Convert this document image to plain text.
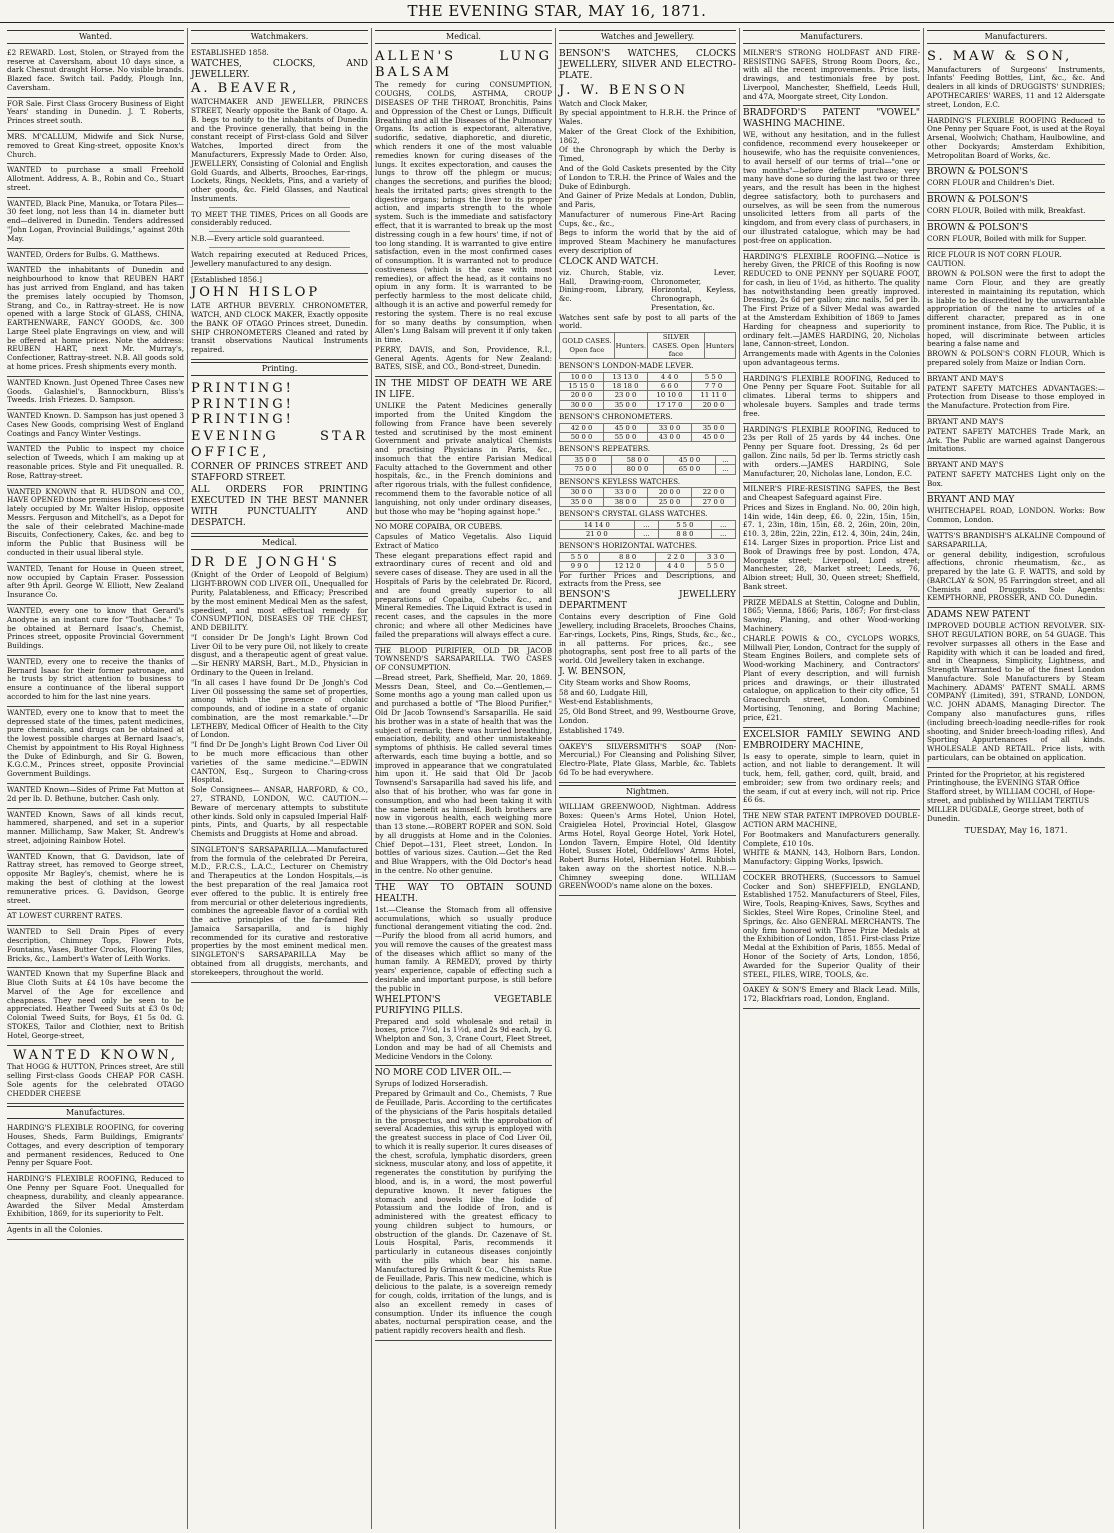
THE EVENING STAR, MAY 16, 1871.
Wanted.

£2 REWARD. Lost, Stolen, or Strayed from the reserve at Caversham, about 10 days since, a dark Chesnut draught Horse. No visible brands. Blazed face. Switch tail. Paddy, Plough Inn, Caversham.

FOR Sale. First Class Grocery Business of Eight Years' standing in Dunedin. J. T. Roberts, Princes street south.

MRS. M'CALLUM, Midwife and Sick Nurse, removed to Great King-street, opposite Knox's Church.

WANTED to purchase a small Freehold Allotment. Address, A. B., Robin and Co., Stuart street.

WANTED, Black Pine, Manuka, or Totara Piles—30 feet long, not less than 14 in. diameter butt end—delivered in Dunedin. Tenders addressed "John Logan, Provincial Buildings," against 20th May.

WANTED, Orders for Bulbs. G. Matthews.

WANTED the inhabitants of Dunedin and neighbourhood to know that REUBEN HART has just arrived from England, and has taken the premises lately occupied by Thomson, Strang, and Co., in Rattray-street. He is now opened with a large Stock of GLASS, CHINA, EARTHENWARE, FANCY GOODS, &c. 300 Large Steel plate Engravings on view, and will be offered at home prices. Note the address: REUBEN HART, next Mr. Murray's, Confectioner, Rattray-street. N.B. All goods sold at home prices. Fresh shipments every month.

WANTED Known. Just Opened Three Cases new Goods. Galashiel's, Bannockburn, Bliss's Tweeds. Irish Friezes. D. Sampson.

WANTED Known. D. Sampson has just opened 3 Cases New Goods, comprising West of England Coatings and Fancy Winter Vestings.

WANTED the Public to inspect my choice selection of Tweeds, which I am making up at reasonable prices. Style and Fit unequalled. R. Rose, Rattray-street.

WANTED KNOWN that R. HUDSON and CO., HAVE OPENED those premises in Princes-street lately occupied by Mr. Walter Hislop, opposite Messrs. Ferguson and Mitchell's, as a Depot for the sale of their celebrated Machine-made Biscuits, Confectionery, Cakes, &c. and beg to inform the Public that Business will be conducted in their usual liberal style.

WANTED, Tenant for House in Queen street, now occupied by Captain Fraser. Possession after 9th April. George W. Elliott, New Zealand Insurance Co.

WANTED, every one to know that Gerard's Anodyne is an instant cure for "Toothache." To be obtained at Bernard Isaac's, Chemist, Princes street, opposite Provincial Government Buildings.

WANTED, every one to receive the thanks of Bernard Isaac for their former patronage, and he trusts by strict attention to business to ensure a continuance of the liberal support accorded to him for the last nine years.

WANTED, every one to know that to meet the depressed state of the times, patent medicines, pure chemicals, and drugs can be obtained at the lowest possible charges at Bernard Isaac's, Chemist by appointment to His Royal Highness the Duke of Edinburgh, and Sir G. Bowen, K.G.C.M., Princes street, opposite Provincial Government Buildings.

WANTED Known—Sides of Prime Fat Mutton at 2d per lb. D. Bethune, butcher. Cash only.

WANTED Known, Saws of all kinds recut, hammered, sharpened, and set in a superior manner. Millichamp, Saw Maker, St. Andrew's street, adjoining Rainbow Hotel.

WANTED Known, that G. Davidson, late of Rattray street, has removed to George street, opposite Mr Bagley's, chemist, where he is making the best of clothing at the lowest remunerative prices. G. Davidson, George street.

AT LOWEST CURRENT RATES.

WANTED to Sell Drain Pipes of every description, Chimney Tops, Flower Pots, Fountains, Vases, Butter Crocks, Flooring Tiles, Bricks, &c., Lambert's Water of Leith Works.

WANTED Known that my Superfine Black and Blue Cloth Suits at £4 10s have become the Marvel of the Age for excellence and cheapness. They need only be seen to be appreciated. Heather Tweed Suits at £3 0s 0d; Colonial Tweed Suits, for Boys, £1 5s 0d. G. STOKES, Tailor and Clothier, next to British Hotel, George-street,

WANTED KNOWN,

That HOGG & HUTTON, Princes street, Are still selling First-class Goods CHEAP FOR CASH. Sole agents for the celebrated OTAGO CHEDDER CHEESE

Manufactures.

HARDING'S FLEXIBLE ROOFING, for covering Houses, Sheds, Farm Buildings, Emigrants' Cottages, and every description of temporary and permanent residences, Reduced to One Penny per Square Foot.

HARDING'S FLEXIBLE ROOFING, Reduced to One Penny per Square Foot. Unequalled for cheapness, durability, and cleanly appearance. Awarded the Silver Medal Amsterdam Exhibition, 1869, for its superiority to Felt.

Agents in all the Colonies.

Watchmakers.

ESTABLISHED 1858.

WATCHES, CLOCKS, AND JEWELLERY.

A. BEAVER,

WATCHMAKER AND JEWELLER, PRINCES STREET, Nearly opposite the Bank of Otago. A. B. begs to notify to the inhabitants of Dunedin and the Province generally, that being in the constant receipt of First-class Gold and Silver Watches, Imported direct from the Manufacturers, Expressly Made to Order. Also, JEWELLERY, Consisting of Colonial and English Gold Guards, and Alberts, Brooches, Ear-rings, Lockets, Rings, Necklets, Pins, and a variety of other goods, &c. Field Glasses, and Nautical Instruments.

TO MEET THE TIMES, Prices on all Goods are considerably reduced.

N.B.—Every article sold guaranteed.

Watch repairing executed at Reduced Prices, Jewellery manufactured to any design.

[Established 1856.]

JOHN HISLOP

LATE ARTHUR BEVERLY. CHRONOMETER, WATCH, AND CLOCK MAKER, Exactly opposite the BANK OF OTAGO Princes street, Dunedin. SHIP CHRONOMETERS Cleaned and rated by transit observations Nautical Instruments repaired.

Printing.

PRINTING! PRINTING! PRINTING!

EVENING STAR OFFICE,

CORNER OF PRINCES STREET AND STAFFORD STREET.

ALL ORDERS FOR PRINTING EXECUTED IN THE BEST MANNER WITH PUNCTUALITY AND DESPATCH.

Medical.

DR DE JONGH'S

(Knight of the Order of Leopold of Belgium) LIGHT-BROWN COD LIVER OIL, Unequalled for Purity, Palatableness, and Efficacy; Prescribed by the most eminent Medical Men as the safest, speediest, and most effectual remedy for CONSUMPTION, DISEASES OF THE CHEST, AND DEBILITY.

"I consider Dr De Jongh's Light Brown Cod Liver Oil to be very pure Oil, not likely to create disgust, and a therapeutic agent of great value.—Sir HENRY MARSH, Bart., M.D., Physician in Ordinary to the Queen in Ireland.

"In all cases I have found Dr De Jongh's Cod Liver Oil possessing the same set of properties, among which the presence of cholaic compounds, and of iodine in a state of organic combination, are the most remarkable."—Dr LETHEBY, Medical Officer of Health to the City of London.

"I find Dr De Jongh's Light Brown Cod Liver Oil to be much more efficacious than other varieties of the same medicine."—EDWIN CANTON, Esq., Surgeon to Charing-cross Hospital.

Sole Consignees— ANSAR, HARFORD, & CO., 27, STRAND, LONDON, W.C. CAUTION.—Beware of mercenary attempts to substitute other kinds. Sold only in capsuled Imperial Half-pints, Pints, and Quarts, by all respectable Chemists and Druggists at Home and abroad.

SINGLETON'S SARSAPARILLA.—Manufactured from the formula of the celebrated Dr Pereira, M.D., F.R.C.S., L.A.C., Lecturer on Chemistry and Therapeutics at the London Hospitals,—is the best preparation of the real Jamaica root ever offered to the public. It is entirely free from mercurial or other deleterious ingredients, combines the agreeable flavor of a cordial with the active principles of the far-famed Red Jamaica Sarsaparilla, and is highly recommended for its curative and restorative properties by the most eminent medical men. SINGLETON'S SARSAPARILLA May be obtained from all druggists, merchants, and storekeepers, throughout the world.

Medical.

ALLEN'S LUNG BALSAM

The remedy for curing CONSUMPTION, COUGHS, COLDS, ASTHMA, CROUP DISEASES OF THE THROAT, Bronchitis, Pains and Oppression of the Chest or Lungs, Difficult Breathing and all the Diseases of the Pulmonary Organs. Its action is expectorant, alterative, sudorific, sedative, diaphoretic, and diuretic, which renders it one of the most valuable remedies known for curing diseases of the lungs. It excites expectoration, and causes the lungs to throw off the phlegm or mucus; changes the secretions, and purifies the blood; heals the irritated parts; gives strength to the digestive organs; brings the liver to its proper action, and imparts strength to the whole system. Such is the immediate and satisfactory effect, that it is warranted to break up the most distressing cough in a few hours' time, if not of too long standing. It is warranted to give entire satisfaction, even in the most confirmed cases of consumption. It is warranted not to produce costiveness (which is the case with most remedies), or affect the head, as it contains no opium in any form. It is warranted to be perfectly harmless to the most delicate child, although it is an active and powerful remedy for restoring the system. There is no real excuse for so many deaths by consumption, when Allen's Lung Balsam will prevent it if only taken in time.

PERRY, DAVIS, and Son, Providence, R.I., General Agents. Agents for New Zealand: BATES, SISE, and CO., Bond-street, Dunedin.

IN THE MIDST OF DEATH WE ARE IN LIFE.

UNLIKE the Patent Medicines generally imported from the United Kingdom the following from France have been severely tested and scrutinised by the most eminent Government and private analytical Chemists and practising Physicians in Paris, &c., insomuch that the entire Parisian Medical Faculty attached to the Government and other hospitals, &c., in the French dominions and after rigorous trials, with the fullest confidence, recommend them to the favorable notice of all languishing, not only under ordinary diseases, but those who may be "hoping against hope."

NO MORE COPAIBA, OR CUBEBS.

Capsules of Matico Vegetalis. Also Liquid Extract of Matico

These elegant preparations effect rapid and extraordinary cures of recent and old and severe cases of disease. They are used in all the Hospitals of Paris by the celebrated Dr. Ricord, and are found greatly superior to all preparations of Copaiba, Cubebs &c., and Mineral Remedies. The Liquid Extract is used in recent cases, and the capsules in the more chronic; and where all other Medicines have failed the preparations will always effect a cure.

THE BLOOD PURIFIER, OLD DR JACOB TOWNSEND'S SARSAPARILLA. TWO CASES OF CONSUMPTION.

—Bread street, Park, Sheffield, Mar. 20, 1869. Messrs Dean, Steel, and Co.—Gentlemen,—Some months ago a young man called upon us and purchased a bottle of "The Blood Purifier," Old Dr Jacob Townsend's Sarsaparilla. He said his brother was in a state of health that was the subject of remark; there was hurried breathing, emaciation, debility, and other unmistakeable symptoms of phthisis. He called several times afterwards, each time buying a bottle, and so improved in appearance that we congratulated him upon it. He said that Old Dr Jacob Townsend's Sarsaparilla had saved his life, and also that of his brother, who was far gone in consumption, and who had been taking it with the same benefit as himself. Both brothers are now in vigorous health, each weighing more than 13 stone.—ROBERT ROPER and SON. Sold by all druggists at Home and in the Colonies. Chief Depot—131, Fleet street, London. In bottles of various sizes. Caution.—Get the Red and Blue Wrappers, with the Old Doctor's head in the centre. No other genuine.

THE WAY TO OBTAIN SOUND HEALTH.

1st.—Cleanse the Stomach from all offensive accumulations, which so usually produce functional derangement vitiating the cod. 2nd.—Purify the blood from all acrid humors, and you will remove the causes of the greatest mass of the diseases which afflict so many of the human family. A REMEDY, proved by thirty years' experience, capable of effecting such a desirable and important purpose, is still before the public in

WHELPTON'S VEGETABLE PURIFYING PILLS.

Prepared and sold wholesale and retail in boxes, price 7½d, 1s 1½d, and 2s 9d each, by G. Whelpton and Son, 3, Crane Court, Fleet Street, London and may be had of all Chemists and Medicine Vendors in the Colony.

NO MORE COD LIVER OIL.—

Syrups of Iodized Horseradish.

Prepared by Grimault and Co., Chemists, 7 Rue de Feuillade, Paris. According to the certificates of the physicians of the Paris hospitals detailed in the prospectus, and with the approbation of several Academies, this syrup is employed with the greatest success in place of Cod Liver Oil, to which it is really superior. It cures diseases of the chest, scrofula, lymphatic disorders, green sickness, muscular atony, and loss of appetite, it regenerates the constitution by purifying the blood, and is, in a word, the most powerful depurative known. It never fatigues the stomach and bowels like the Iodide of Potassium and the Iodide of Iron, and is administered with the greatest efficacy to young children subject to humours, or obstruction of the glands. Dr. Cazenave of St. Louis Hospital, Paris, recommends it particularly in cutaneous diseases conjointly with the pills which bear his name. Manufactured by Grimault & Co., Chemists Rue de Feuillade, Paris. This new medicine, which is delicious to the palate, is a sovereign remedy for cough, colds, irritation of the lungs, and is also an excellent remedy in cases of consumption. Under its influence the cough abates, nocturnal perspiration cease, and the patient rapidly recovers health and flesh.

Watches and Jewellery.

BENSON'S WATCHES, CLOCKS JEWELLERY, SILVER AND ELECTRO-PLATE.

J. W. BENSON

Watch and Clock Maker,

By special appointment to H.R.H. the Prince of Wales.

Maker of the Great Clock of the Exhibition, 1862,

Of the Chronograph by which the Derby is Timed,

And of the Gold Caskets presented by the City of London to T.R.H. the Prince of Wales and the Duke of Edinburgh.

And Gainer of Prize Medals at London, Dublin, and Paris,

Manufacturer of numerous Fine-Art Racing Cups, &c., &c.,

Begs to inform the world that by the aid of improved Steam Machinery he manufactures every description of

CLOCK AND WATCH.

viz. Church, Stable, Hall, Drawing-room, Dining-room, Library, &c.

viz. Lever, Chronometer, Horizontal, Keyless, Chronograph, Presentation, &c.

Watches sent safe by post to all parts of the world.

GOLD CASES. Open face	Hunters.	SILVER CASES. Open face	Hunters

BENSON'S LONDON-MADE LEVER.

10 0 0	13 13 0	4 4 0	5 5 0
15 15 0	18 18 0	6 6 0	7 7 0
20 0 0	23 0 0	10 10 0	11 11 0
30 0 0	35 0 0	17 17 0	20 0 0

BENSON'S CHRONOMETERS.

42 0 0	45 0 0	33 0 0	35 0 0
50 0 0	55 0 0	43 0 0	45 0 0

BENSON'S REPEATERS.

35 0 0	58 0 0	45 0 0	...
75 0 0	80 0 0	65 0 0	...

BENSON'S KEYLESS WATCHES.

30 0 0	33 0 0	20 0 0	22 0 0
35 0 0	38 0 0	25 0 0	27 0 0

BENSON'S CRYSTAL GLASS WATCHES.

14 14 0	...	5 5 0	...
21 0 0	...	8 8 0	...

BENSON'S HORIZONTAL WATCHES.

5 5 0	8 8 0	2 2 0	3 3 0
9 9 0	12 12 0	4 4 0	5 5 0

For further Prices and Descriptions, and extracts from the Press, see

BENSON'S JEWELLERY DEPARTMENT

Contains every description of Fine Gold Jewellery, including Bracelets, Brooches Chains, Ear-rings, Lockets, Pins, Rings, Studs, &c., &c., in all patterns. For prices, &c., see photographs, sent post free to all parts of the world. Old Jewellery taken in exchange.

J. W. BENSON,

City Steam works and Show Rooms,

58 and 60, Ludgate Hill,

West-end Establishments,

25, Old Bond Street, and 99, Westbourne Grove, London.

Established 1749.

OAKEY'S SILVERSMITH'S SOAP (Non-Mercurial,) For Cleansing and Polishing Silver, Electro-Plate, Plate Glass, Marble, &c. Tablets 6d To be had everywhere.

Nightmen.

WILLIAM GREENWOOD, Nightman. Address Boxes: Queen's Arms Hotel, Union Hotel, Craigielea Hotel, Provincial Hotel, Glasgow Arms Hotel, Royal George Hotel, York Hotel, London Tavern, Empire Hotel, Old Identity Hotel, Sussex Hotel, Oddfellows' Arms Hotel, Robert Burns Hotel, Hibernian Hotel. Rubbish taken away on the shortest notice. N.B.—Chimney sweeping done. WILLIAM GREENWOOD's name alone on the boxes.

Manufacturers.

MILNER'S STRONG HOLDFAST AND FIRE-RESISTING SAFES, Strong Room Doors, &c., with all the recent improvements. Price lists, drawings, and testimonials free by post. Liverpool, Manchester, Sheffield, Leeds Hull, and 47A, Moorgate street, City London.

BRADFORD'S PATENT "VOWEL" WASHING MACHINE.

WE, without any hesitation, and in the fullest confidence, recommend every housekeeper or housewife, who has the requisite conveniences, to avail herself of our terms of trial—"one or two months"—before definite purchase; very many have done so during the last two or three years, and the result has been in the highest degree satisfactory, both to purchasers and ourselves, as will be seen from the numerous unsolicited letters from all parts of the kingdom, and from every class of purchasers, in our illustrated catalogue, which may be had post-free on application.

HARDING'S FLEXIBLE ROOFING.—Notice is hereby Given, the PRICE of this Roofing is now REDUCED to ONE PENNY per SQUARE FOOT, for cash, in lieu of 1½d, as hitherto. The quality has notwithstanding been greatly improved. Dressing, 2s 6d per gallon; zinc nails, 5d per lb. The First Prize of a Silver Medal was awarded at the Amsterdam Exhibition of 1869 to James Harding for cheapness and superiority to ordinary felt.—JAMES HARDING, 20, Nicholas lane, Cannon-street, London.

Arrangements made with Agents in the Colonies upon advantageous terms.

HARDING'S FLEXIBLE ROOFING, Reduced to One Penny per Square Foot. Suitable for all climates. Liberal terms to shippers and wholesale buyers. Samples and trade terms free.

HARDING'S FLEXIBLE ROOFING, Reduced to 23s per Roll of 25 yards by 44 inches. One Penny per Square foot. Dressing, 2s 6d per gallon. Zinc nails, 5d per lb. Terms strictly cash with orders.—JAMES HARDING, Sole Manufacturer, 20, Nicholas lane, London, E.C.

MILNER'S FIRE-RESISTING SAFES, the Best and Cheapest Safeguard against Fire.

Prices and Sizes in England. No. 00, 20in high, 14in wide, 14in deep, £6. 0, 22in, 15in, 15in, £7. 1, 23in, 18in, 15in, £8. 2, 26in, 20in, 20in, £10. 3, 28in, 22in, 22in, £12. 4, 30in, 24in, 24in, £14. Larger Sizes in proportion. Price List and Book of Drawings free by post. London, 47A, Moorgate street; Liverpool, Lord street; Manchester, 28, Market street; Leeds, 76, Albion street; Hull, 30, Queen street; Sheffield, Bank street.

PRIZE MEDALS at Stettin, Cologne and Dublin, 1865; Vienna, 1866; Paris, 1867; For first-class Sawing, Planing, and other Wood-working Machinery.

CHARLE POWIS & CO., CYCLOPS WORKS, Millwall Pier, London, Contract for the supply of Steam Engines Boilers, and complete sets of Wood-working Machinery, and Contractors' Plant of every description, and will furnish prices and drawings, or their illustrated catalogue, on application to their city office, 51 Gracechurch street, London. Combined Mortising, Tenoning, and Boring Machine; price, £21.

EXCELSIOR FAMILY SEWING AND EMBROIDERY MACHINE,

Is easy to operate, simple to learn, quiet in action, and not liable to derangement. It will tuck, hem, fell, gather, cord, quilt, braid, and embroider; sew from two ordinary reels; and the seam, if cut at every inch, will not rip. Price £6 6s.

THE NEW STAR PATENT IMPROVED DOUBLE-ACTION ARM MACHINE,

For Bootmakers and Manufacturers generally. Complete, £10 10s.

WHITE & MANN, 143, Holborn Bars, London. Manufactory: Gipping Works, Ipswich.

COCKER BROTHERS, (Successors to Samuel Cocker and Son) SHEFFIELD, ENGLAND, Established 1752. Manufacturers of Steel, Files, Wire, Tools, Reaping-Knives, Saws, Scythes and Sickles, Steel Wire Ropes, Crinoline Steel, and Springs, &c. Also GENERAL MERCHANTS. The only firm honored with Three Prize Medals at the Exhibition of London, 1851. First-class Prize Medal at the Exhibition of Paris, 1855. Medal of Honor of the Society of Arts, London, 1856, Awarded for the Superior Quality of their STEEL, FILES, WIRE, TOOLS, &c.

OAKEY & SON'S Emery and Black Lead. Mills, 172, Blackfriars road, London, England.

Manufacturers.

S. MAW & SON,

Manufacturers of Surgeons' Instruments, Infants' Feeding Bottles, Lint, &c., &c. And dealers in all kinds of DRUGGISTS' SUNDRIES; APOTHECARIES' WARES, 11 and 12 Aldersgate street, London, E.C.

HARDING'S FLEXIBLE ROOFING Reduced to One Penny per Square Foot, is used at the Royal Arsenal, Woolwich; Chatham, Haulbowline, and other Dockyards; Amsterdam Exhibition, Metropolitan Board of Works, &c.

BROWN & POLSON'S

CORN FLOUR and Children's Diet.

BROWN & POLSON'S

CORN FLOUR, Boiled with milk, Breakfast.

BROWN & POLSON'S

CORN FLOUR, Boiled with milk for Supper.

RICE FLOUR IS NOT CORN FLOUR.

CAUTION.

BROWN & POLSON were the first to adopt the name Corn Flour, and they are greatly interested in maintaining its reputation, which is liable to be discredited by the unwarrantable appropriation of the name to articles of a different character, prepared as in one prominent instance, from Rice. The Public, it is hoped, will discriminate between articles bearing a false name and

BROWN & POLSON'S CORN FLOUR, Which is prepared solely from Maize or Indian Corn.

BRYANT AND MAY'S

PATENT SAFETY MATCHES ADVANTAGES:— Protection from Disease to those employed in the Manufacture. Protection from Fire.

BRYANT AND MAY'S

PATENT SAFETY MATCHES Trade Mark, an Ark. The Public are warned against Dangerous Imitations.

BRYANT AND MAY'S

PATENT SAFETY MATCHES Light only on the Box.

BRYANT AND MAY

WHITECHAPEL ROAD, LONDON. Works: Bow Common, London.

WATTS'S BRANDISH'S ALKALINE Compound of SARSAPARILLA,

or general debility, indigestion, scrofulous affections, chronic rheumatism, &c., as prepared by the late G. F. WATTS, and sold by (BARCLAY & SON, 95 Farringdon street, and all Chemists and Druggists. Sole Agents: KEMPTHORNE, PROSSER, AND CO. Dunedin.

ADAMS NEW PATENT

IMPROVED DOUBLE ACTION REVOLVER. SIX-SHOT REGULATION BORE, on 54 GUAGE. This revolver surpasses all others in the Ease and Rapidity with which it can be loaded and fired, and in Cheapness, Simplicity, Lightness, and Strength Warranted to be of the finest London Manufacture. Sole Manufacturers by Steam Machinery. ADAMS' PATENT SMALL ARMS COMPANY (Limited), 391, STRAND, LONDON, W.C. JOHN ADAMS, Managing Director. The Company also manufactures guns, rifles (including breech-loading needle-rifles for rook shooting, and Snider breech-loading rifles), And Sporting Appurtenances of all kinds. WHOLESALE AND RETAIL. Price lists, with particulars, can be obtained on application.

Printed for the Proprietor, at his registered Printinghouse, the EVENING STAR Office Stafford street, by WILLIAM COCHI, of Hope-street, and published by WILLIAM TERTIUS MILLER DUGDALE, George street, both of Dunedin.

TUESDAY, May 16, 1871.
